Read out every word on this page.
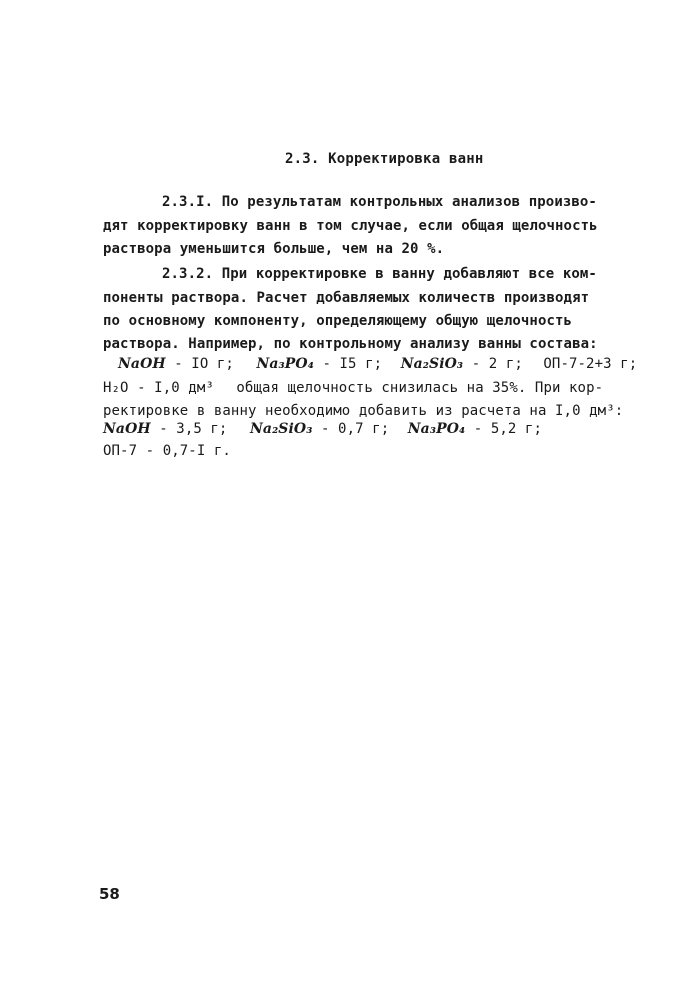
2.3. Корректировка ванн
2.3.I. По результатам контрольных анализов произво-
дят корректировку ванн в том случае, если общая щелочность
раствора уменьшится больше, чем на 20 %.
2.3.2. При корректировке в ванну добавляют все ком-
поненты раствора. Расчет добавляемых количеств производят
по основному компоненту, определяющему общую щелочность
раствора. Например, по контрольному анализу ванны состава:
NaOH - IO г; Na₃PO₄ - I5 г; Na₂SiO₃ - 2 г; ОП-7-2+3 г;
H₂O - I,0 дм³ общая щелочность снизилась на 35%. При кор-
ректировке в ванну необходимо добавить из расчета на I,0 дм³:
NaOH - 3,5 г; Na₂SiO₃ - 0,7 г; Na₃PO₄ - 5,2 г;
ОП-7 - 0,7-I г.
58
